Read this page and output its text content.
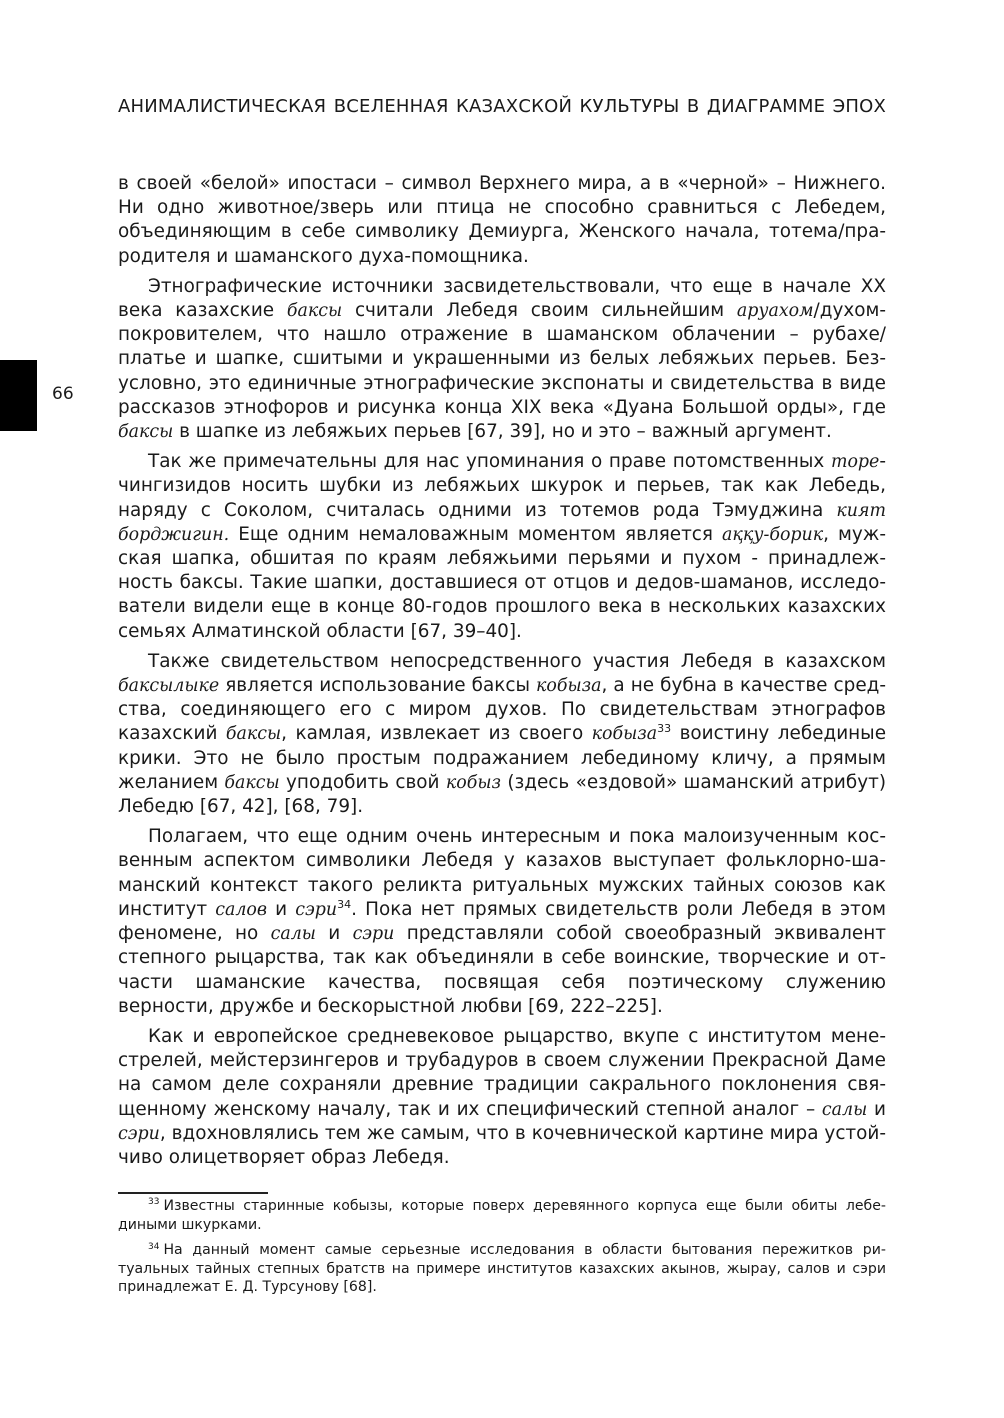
АНИМАЛИСТИЧЕСКАЯ ВСЕЛЕННАЯ КАЗАХСКОЙ КУЛЬТУРЫ В ДИАГРАММЕ ЭПОХ
66

в своей «белой» ипостаси – символ Верхнего мира, а в «черной» – Нижнего. Ни одно животное/зверь или птица не способно сравниться с Лебедем, объединяющим в себе символику Демиурга, Женского начала, тотема/прародителя и шаманского духа-помощника.

Этнографические источники засвидетельствовали, что еще в начале XX века казахские баксы считали Лебедя своим сильнейшим аруахом/духом-покровителем, что нашло отражение в шаманском облачении – рубахе/платье и шапке, сшитыми и украшенными из белых лебяжьих перьев. Безусловно, это единичные этнографические экспонаты и свидетельства в виде рассказов этнофоров и рисунка конца XIX века «Дуана Большой орды», где баксы в шапке из лебяжьих перьев [67, 39], но и это – важный аргумент.

Так же примечательны для нас упоминания о праве потомственных торе-чингизидов носить шубки из лебяжьих шкурок и перьев, так как Лебедь, наряду с Соколом, считалась одними из тотемов рода Тэмуджина кият борджигин. Еще одним немаловажным моментом является аққу-борик, мужская шапка, обшитая по краям лебяжьими перьями и пухом - принадлежность баксы. Такие шапки, доставшиеся от отцов и дедов-шаманов, исследователи видели еще в конце 80-годов прошлого века в нескольких казахских семьях Алматинской области [67, 39–40].

Также свидетельством непосредственного участия Лебедя в казахском баксылыке является использование баксы кобыза, а не бубна в качестве средства, соединяющего его с миром духов. По свидетельствам этнографов казахский баксы, камлая, извлекает из своего кобыза$^{33}$ воистину лебединые крики. Это не было простым подражанием лебединому кличу, а прямым желанием баксы уподобить свой кобыз (здесь «ездовой» шаманский атрибут) Лебедю [67, 42], [68, 79].

Полагаем, что еще одним очень интересным и пока малоизученным косвенным аспектом символики Лебедя у казахов выступает фольклорно-шаманский контекст такого реликта ритуальных мужских тайных союзов как институт салов и сэри$^{34}$. Пока нет прямых свидетельств роли Лебедя в этом феномене, но салы и сэри представляли собой своеобразный эквивалент степного рыцарства, так как объединяли в себе воинские, творческие и отчасти шаманские качества, посвящая себя поэтическому служению верности, дружбе и бескорыстной любви [69, 222–225].

Как и европейское средневековое рыцарство, вкупе с институтом менестрелей, мейстерзингеров и трубадуров в своем служении Прекрасной Даме на самом деле сохраняли древние традиции сакрального поклонения священному женскому началу, так и их специфический степной аналог – салы и сэри, вдохновлялись тем же самым, что в кочевнической картине мира устойчиво олицетворяет образ Лебедя.

$^{33}$ Известны старинные кобызы, которые поверх деревянного корпуса еще были обиты лебедиными шкурками.

$^{34}$ На данный момент самые серьезные исследования в области бытования пережитков ритуальных тайных степных братств на примере институтов казахских акынов, жырау, салов и сэри принадлежат Е. Д. Турсунову [68].
